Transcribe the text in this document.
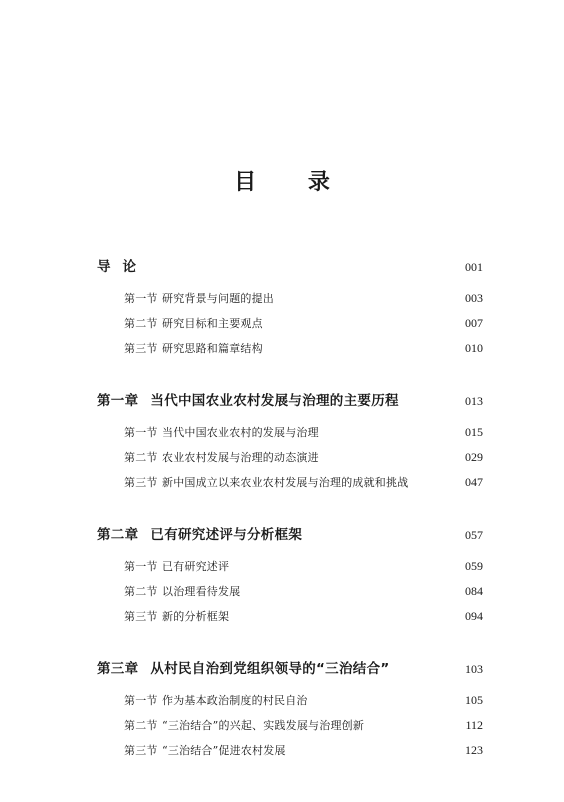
目 录
导论	001
第一节 研究背景与问题的提出	003
第二节 研究目标和主要观点	007
第三节 研究思路和篇章结构	010
第一章 当代中国农业农村发展与治理的主要历程	013
第一节 当代中国农业农村的发展与治理	015
第二节 农业农村发展与治理的动态演进	029
第三节 新中国成立以来农业农村发展与治理的成就和挑战	047
第二章 已有研究述评与分析框架	057
第一节 已有研究述评	059
第二节 以治理看待发展	084
第三节 新的分析框架	094
第三章 从村民自治到党组织领导的“三治结合”	103
第一节 作为基本政治制度的村民自治	105
第二节 “三治结合”的兴起、实践发展与治理创新	112
第三节 “三治结合”促进农村发展	123
